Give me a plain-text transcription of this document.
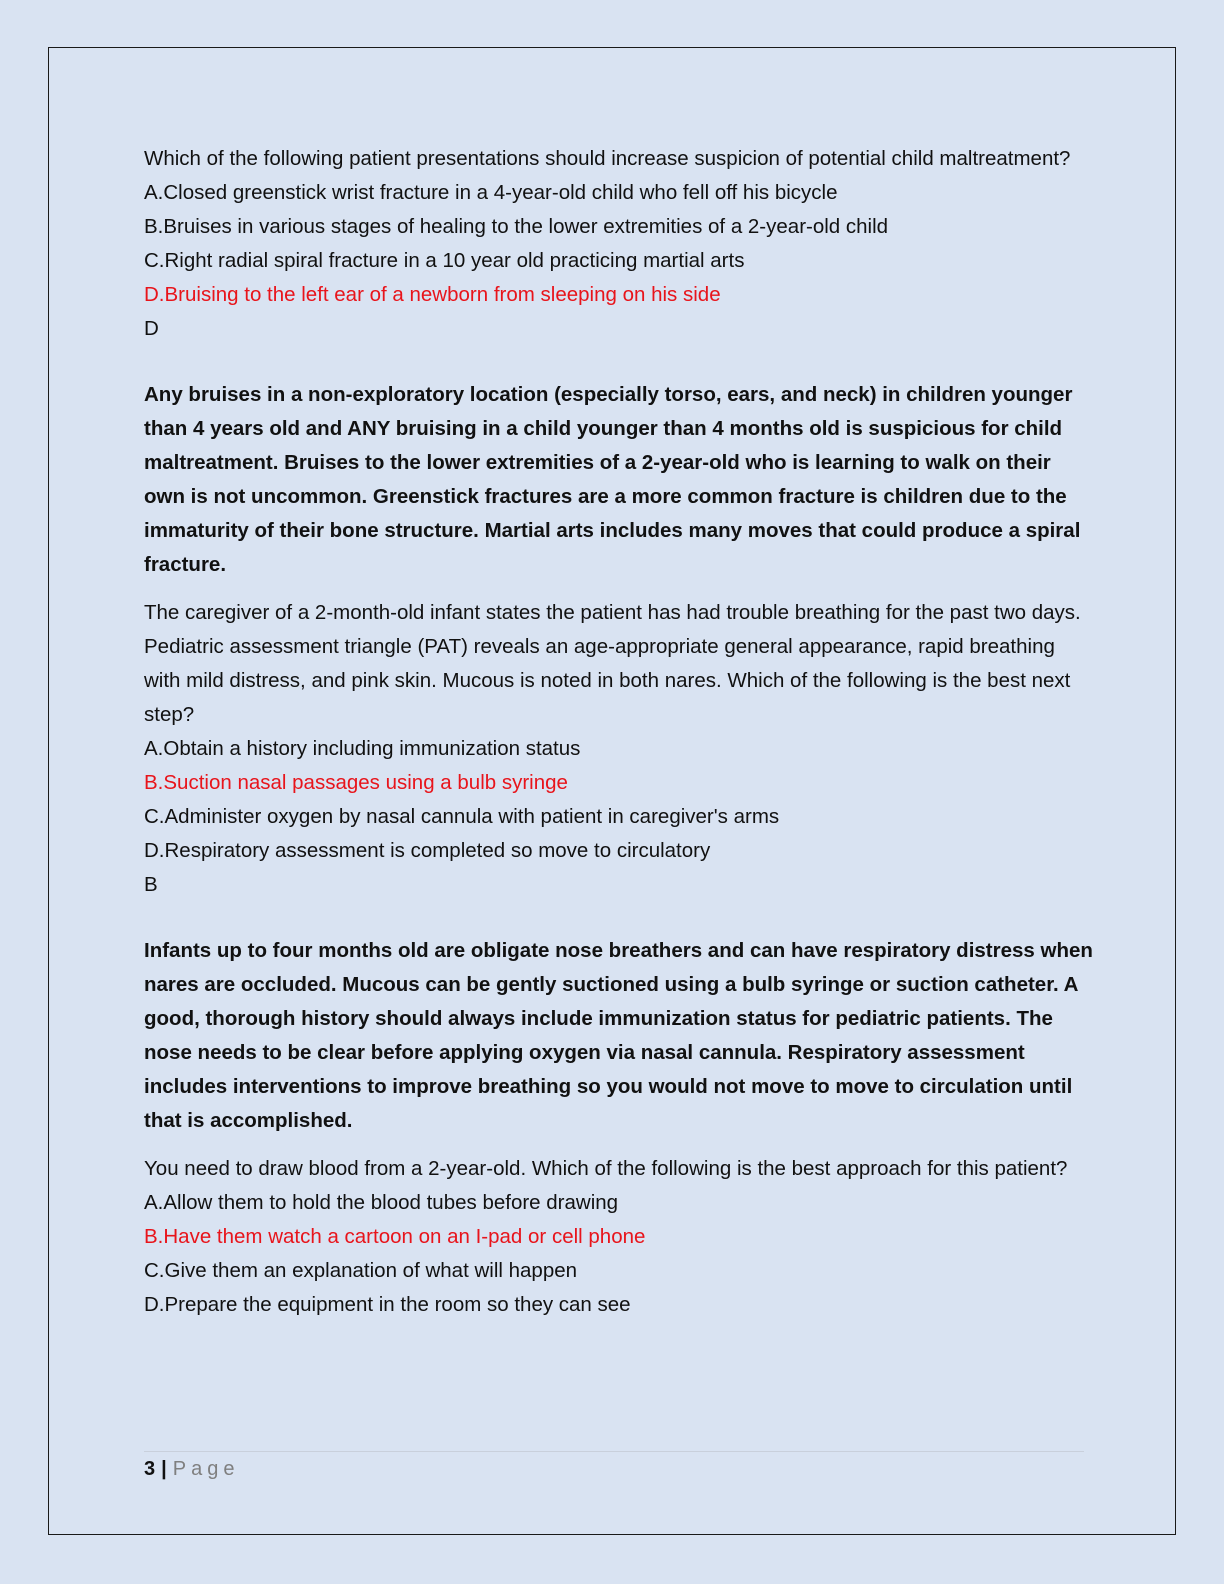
Which of the following patient presentations should increase suspicion of potential child maltreatment?

A.Closed greenstick wrist fracture in a 4-year-old child who fell off his bicycle

B.Bruises in various stages of healing to the lower extremities of a 2-year-old child

C.Right radial spiral fracture in a 10 year old practicing martial arts

D.Bruising to the left ear of a newborn from sleeping on his side

D

Any bruises in a non-exploratory location (especially torso, ears, and neck) in children younger than 4 years old and ANY bruising in a child younger than 4 months old is suspicious for child maltreatment. Bruises to the lower extremities of a 2-year-old who is learning to walk on their own is not uncommon. Greenstick fractures are a more common fracture is children due to the immaturity of their bone structure. Martial arts includes many moves that could produce a spiral fracture.

The caregiver of a 2-month-old infant states the patient has had trouble breathing for the past two days. Pediatric assessment triangle (PAT) reveals an age-appropriate general appearance, rapid breathing with mild distress, and pink skin. Mucous is noted in both nares. Which of the following is the best next step?

A.Obtain a history including immunization status

B.Suction nasal passages using a bulb syringe

C.Administer oxygen by nasal cannula with patient in caregiver's arms

D.Respiratory assessment is completed so move to circulatory

B

Infants up to four months old are obligate nose breathers and can have respiratory distress when nares are occluded. Mucous can be gently suctioned using a bulb syringe or suction catheter. A good, thorough history should always include immunization status for pediatric patients. The nose needs to be clear before applying oxygen via nasal cannula. Respiratory assessment includes interventions to improve breathing so you would not move to move to circulation until that is accomplished.

You need to draw blood from a 2-year-old. Which of the following is the best approach for this patient?

A.Allow them to hold the blood tubes before drawing

B.Have them watch a cartoon on an I-pad or cell phone

C.Give them an explanation of what will happen

D.Prepare the equipment in the room so they can see

3 | Page
